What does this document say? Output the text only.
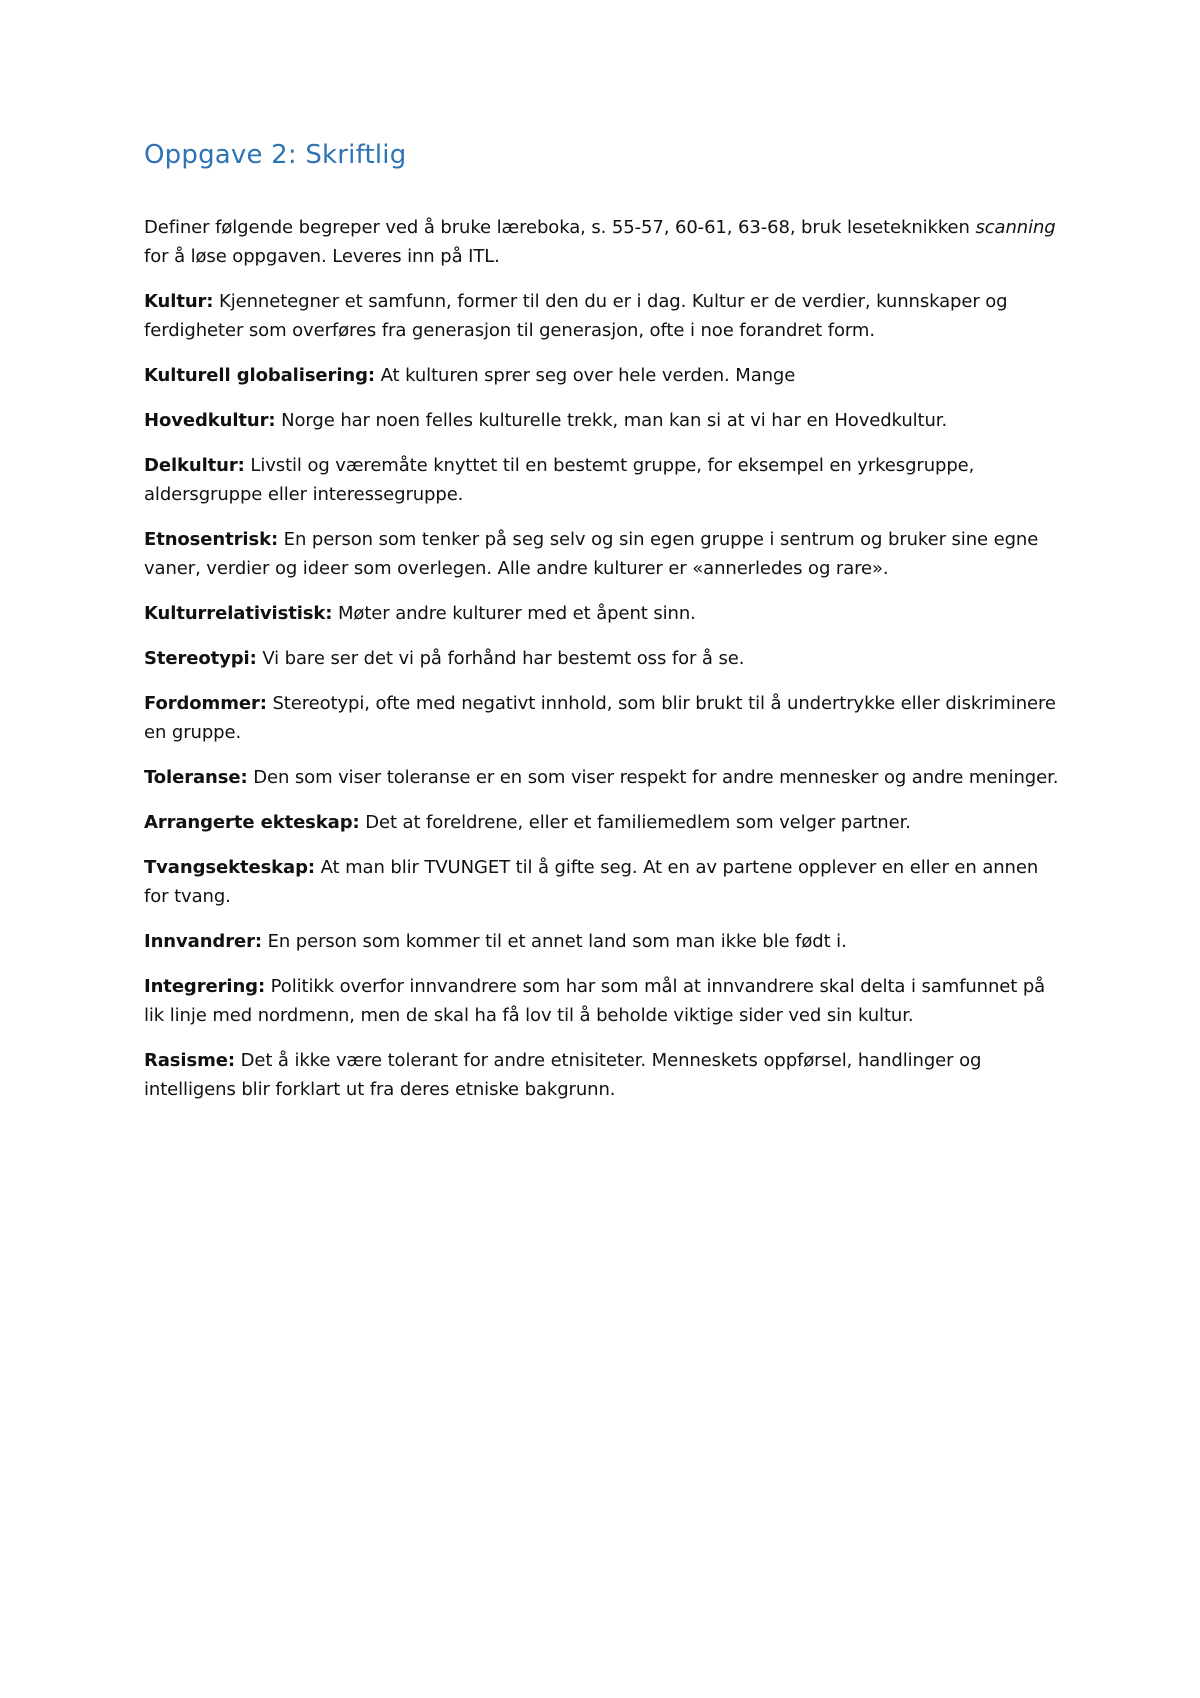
Oppgave 2: Skriftlig

Definer følgende begreper ved å bruke læreboka, s. 55-57, 60-61, 63-68, bruk leseteknikken scanning for å løse oppgaven. Leveres inn på ITL.

Kultur: Kjennetegner et samfunn, former til den du er i dag. Kultur er de verdier, kunnskaper og ferdigheter som overføres fra generasjon til generasjon, ofte i noe forandret form.

Kulturell globalisering: At kulturen sprer seg over hele verden. Mange

Hovedkultur: Norge har noen felles kulturelle trekk, man kan si at vi har en Hovedkultur.

Delkultur: Livstil og væremåte knyttet til en bestemt gruppe, for eksempel en yrkesgruppe, aldersgruppe eller interessegruppe.

Etnosentrisk: En person som tenker på seg selv og sin egen gruppe i sentrum og bruker sine egne vaner, verdier og ideer som overlegen. Alle andre kulturer er «annerledes og rare».

Kulturrelativistisk: Møter andre kulturer med et åpent sinn.

Stereotypi: Vi bare ser det vi på forhånd har bestemt oss for å se.

Fordommer: Stereotypi, ofte med negativt innhold, som blir brukt til å undertrykke eller diskriminere en gruppe.

Toleranse: Den som viser toleranse er en som viser respekt for andre mennesker og andre meninger.

Arrangerte ekteskap: Det at foreldrene, eller et familiemedlem som velger partner.

Tvangsekteskap: At man blir TVUNGET til å gifte seg. At en av partene opplever en eller en annen for tvang.

Innvandrer: En person som kommer til et annet land som man ikke ble født i.

Integrering: Politikk overfor innvandrere som har som mål at innvandrere skal delta i samfunnet på lik linje med nordmenn, men de skal ha få lov til å beholde viktige sider ved sin kultur.

Rasisme: Det å ikke være tolerant for andre etnisiteter. Menneskets oppførsel, handlinger og intelligens blir forklart ut fra deres etniske bakgrunn.
